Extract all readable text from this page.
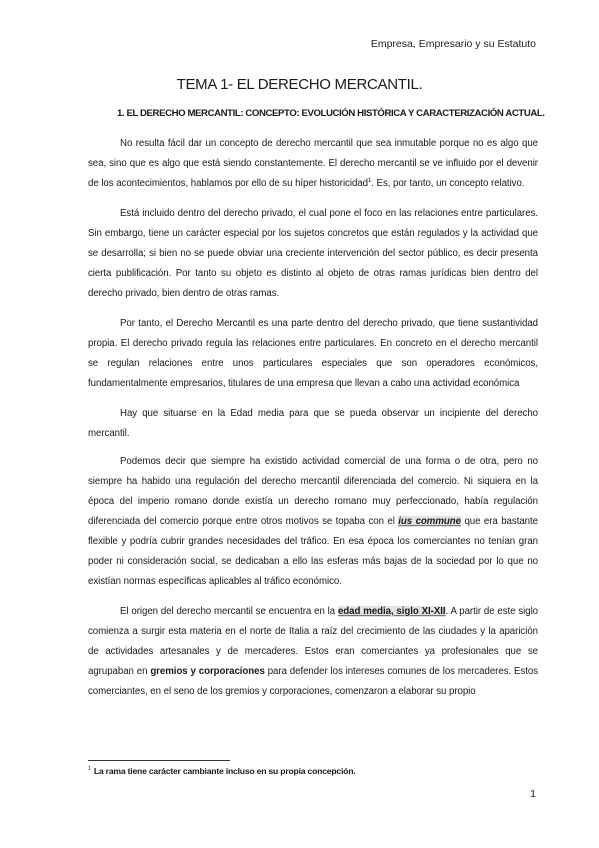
Empresa, Empresario y su Estatuto
TEMA 1- EL DERECHO MERCANTIL.
1. EL DERECHO MERCANTIL: CONCEPTO: EVOLUCIÓN HISTÓRICA Y CARACTERIZACIÓN ACTUAL.

No resulta fácil dar un concepto de derecho mercantil que sea inmutable porque no es algo que sea, sino que es algo que está siendo constantemente. El derecho mercantil se ve influido por el devenir de los acontecimientos, hablamos por ello de su híper historicidad$^1$. Es, por tanto, un concepto relativo.

Está incluido dentro del derecho privado, el cual pone el foco en las relaciones entre particulares. Sin embargo, tiene un carácter especial por los sujetos concretos que están regulados y la actividad que se desarrolla; si bien no se puede obviar una creciente intervención del sector público, es decir presenta cierta publificación. Por tanto su objeto es distinto al objeto de otras ramas jurídicas bien dentro del derecho privado, bien dentro de otras ramas.

Por tanto, el Derecho Mercantil es una parte dentro del derecho privado, que tiene sustantividad propia. El derecho privado regula las relaciones entre particulares. En concreto en el derecho mercantil se regulan relaciones entre unos particulares especiales que son operadores económicos, fundamentalmente empresarios, titulares de una empresa que llevan a cabo una actividad económica

Hay que situarse en la Edad media para que se pueda observar un incipiente del derecho mercantil.

Podemos decir que siempre ha existido actividad comercial de una forma o de otra, pero no siempre ha habido una regulación del derecho mercantil diferenciada del comercio. Ni siquiera en la época del imperio romano donde existía un derecho romano muy perfeccionado, había regulación diferenciada del comercio porque entre otros motivos se topaba con el ius commune que era bastante flexible y podría cubrir grandes necesidades del tráfico. En esa época los comerciantes no tenían gran poder ni consideración social, se dedicaban a ello las esferas más bajas de la sociedad por lo que no existían normas específicas aplicables al tráfico económico.

El origen del derecho mercantil se encuentra en la edad media, siglo XI-XII. A partir de este siglo comienza a surgir esta materia en el norte de Italia a raíz del crecimiento de las ciudades y la aparición de actividades artesanales y de mercaderes. Estos eran comerciantes ya profesionales que se agrupaban en gremios y corporaciones para defender los intereses comunes de los mercaderes. Estos comerciantes, en el seno de los gremios y corporaciones, comenzaron a elaborar su propio

$^1$ La rama tiene carácter cambiante incluso en su propia concepción.
1
